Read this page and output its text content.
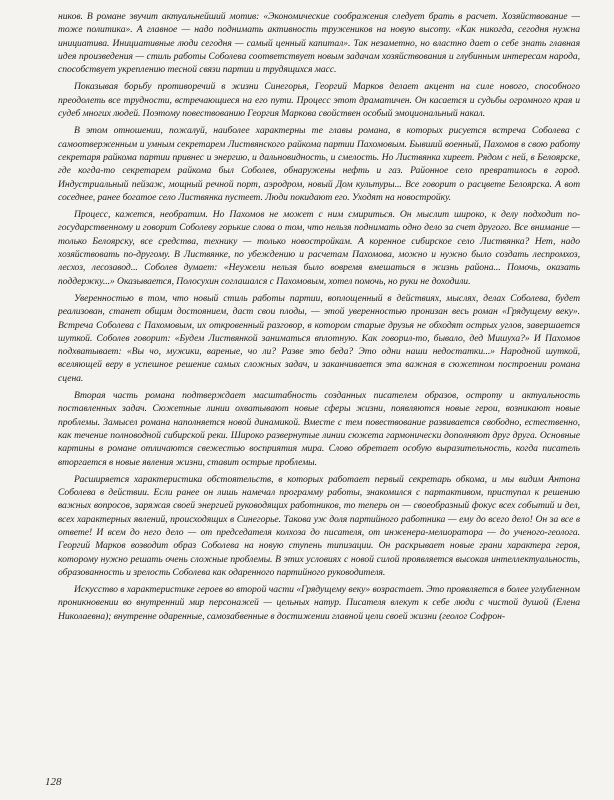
ников. В романе звучит актуальнейший мотив: «Экономические соображения следует брать в расчет. Хозяйствование — тоже политика». А главное — надо поднимать активность тружеников на новую высоту. «Как никогда, сегодня нужна инициатива. Инициативные люди сегодня — самый ценный капитал». Так незаметно, но властно дает о себе знать главная идея произведения — стиль работы Соболева соответствует новым задачам хозяйствования и глубинным интересам народа, способствует укреплению тесной связи партии и трудящихся масс.

Показывая борьбу противоречий в жизни Синегорья, Георгий Марков делает акцент на силе нового, способного преодолеть все трудности, встречающиеся на его пути. Процесс этот драматичен. Он касается и судьбы огромного края и судеб многих людей. Поэтому повествованию Георгия Маркова свойствен особый эмоциональный накал.

В этом отношении, пожалуй, наиболее характерны те главы романа, в которых рисуется встреча Соболева с самоотверженным и умным секретарем Листвянского райкома партии Пахомовым. Бывший военный, Пахомов в свою работу секретаря райкома партии привнес и энергию, и дальновидность, и смелость. Но Листвянка хиреет. Рядом с ней, в Белоярске, где когда-то секретарем райкома был Соболев, обнаружены нефть и газ. Районное село превратилось в город. Индустриальный пейзаж, мощный речной порт, аэродром, новый Дом культуры... Все говорит о расцвете Белоярска. А вот соседнее, ранее богатое село Листвянка пустеет. Люди покидают его. Уходят на новостройку.

Процесс, кажется, необратим. Но Пахомов не может с ним смириться. Он мыслит широко, к делу подходит по-государственному и говорит Соболеву горькие слова о том, что нельзя поднимать одно дело за счет другого. Все внимание — только Белоярску, все средства, технику — только новостройкам. А коренное сибирское село Листвянка? Нет, надо хозяйствовать по-другому. В Листвянке, по убеждению и расчетам Пахомова, можно и нужно было создать леспромхоз, лесхоз, лесозавод... Соболев думает: «Неужели нельзя было вовремя вмешаться в жизнь района... Помочь, оказать поддержку...» Оказывается, Полосухин соглашался с Пахомовым, хотел помочь, но руки не доходили.

Уверенностью в том, что новый стиль работы партии, воплощенный в действиях, мыслях, делах Соболева, будет реализован, станет общим достоянием, даст свои плоды, — этой уверенностью пронизан весь роман «Грядущему веку». Встреча Соболева с Пахомовым, их откровенный разговор, в котором старые друзья не обходят острых углов, завершается шуткой. Соболев говорит: «Будем Листвянкой заниматься вплотную. Как говорил-то, бывало, дед Мишуха?» И Пахомов подхватывает: «Вы чо, мужики, вареные, чо ли? Разве это беда? Это одни наши недостатки...» Народной шуткой, вселяющей веру в успешное решение самых сложных задач, и заканчивается эта важная в сюжетном построении романа сцена.

Вторая часть романа подтверждает масштабность созданных писателем образов, остроту и актуальность поставленных задач. Сюжетные линии охватывают новые сферы жизни, появляются новые герои, возникают новые проблемы. Замысел романа наполняется новой динамикой. Вместе с тем повествование развивается свободно, естественно, как течение полноводной сибирской реки. Широко развернутые линии сюжета гармонически дополняют друг друга. Основные картины в романе отличаются свежестью восприятия мира. Слово обретает особую выразительность, когда писатель вторгается в новые явления жизни, ставит острые проблемы.

Расширяется характеристика обстоятельств, в которых работает первый секретарь обкома, и мы видим Антона Соболева в действии. Если ранее он лишь намечал программу работы, знакомился с партактивом, приступал к решению важных вопросов, заряжая своей энергией руководящих работников, то теперь он — своеобразный фокус всех событий и дел, всех характерных явлений, происходящих в Синегорье. Такова уж доля партийного работника — ему до всего дело! Он за все в ответе! И всем до него дело — от председателя колхоза до писателя, от инженера-мелиоратора — до ученого-геолога. Георгий Марков возводит образ Соболева на новую ступень типизации. Он раскрывает новые грани характера героя, которому нужно решать очень сложные проблемы. В этих условиях с новой силой проявляется высокая интеллектуальность, образованность и зрелость Соболева как одаренного партийного руководителя.

Искусство в характеристике героев во второй части «Грядущему веку» возрастает. Это проявляется в более углубленном проникновении во внутренний мир персонажей — цельных натур. Писателя влекут к себе люди с чистой душой (Елена Николаевна); внутренне одаренные, самозабвенные в достижении главной цели своей жизни (геолог Софрон-

128
